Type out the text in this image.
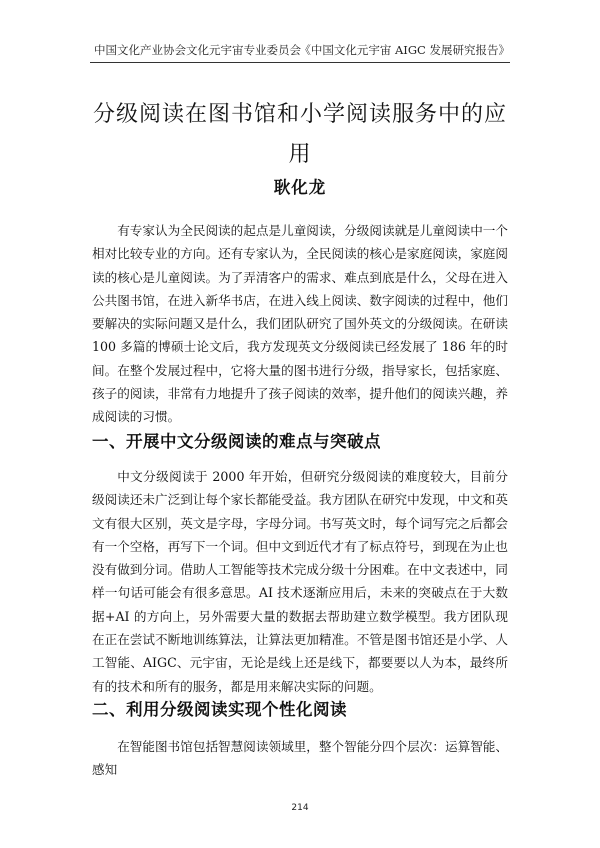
中国文化产业协会文化元宇宙专业委员会
《中国文化元宇宙 AIGC 发展研究报告》
分级阅读在图书馆和小学阅读服务中的应用
耿化龙

有专家认为全民阅读的起点是儿童阅读，分级阅读就是儿童阅读中一个相对比较专业的方向。还有专家认为，全民阅读的核心是家庭阅读，家庭阅读的核心是儿童阅读。为了弄清客户的需求、难点到底是什么，父母在进入公共图书馆，在进入新华书店，在进入线上阅读、数字阅读的过程中，他们要解决的实际问题又是什么，我们团队研究了国外英文的分级阅读。在研读 100 多篇的博硕士论文后，我方发现英文分级阅读已经发展了 186 年的时间。在整个发展过程中，它将大量的图书进行分级，指导家长，包括家庭、孩子的阅读，非常有力地提升了孩子阅读的效率，提升他们的阅读兴趣，养成阅读的习惯。

一、开展中文分级阅读的难点与突破点

中文分级阅读于 2000 年开始，但研究分级阅读的难度较大，目前分级阅读还未广泛到让每个家长都能受益。我方团队在研究中发现，中文和英文有很大区别，英文是字母，字母分词。书写英文时，每个词写完之后都会有一个空格，再写下一个词。但中文到近代才有了标点符号，到现在为止也没有做到分词。借助人工智能等技术完成分级十分困难。在中文表述中，同样一句话可能会有很多意思。AI 技术逐渐应用后，未来的突破点在于大数据+AI 的方向上，另外需要大量的数据去帮助建立数学模型。我方团队现在正在尝试不断地训练算法，让算法更加精准。不管是图书馆还是小学、人工智能、AIGC、元宇宙，无论是线上还是线下，都要要以人为本，最终所有的技术和所有的服务，都是用来解决实际的问题。

二、利用分级阅读实现个性化阅读

在智能图书馆包括智慧阅读领域里，整个智能分四个层次：运算智能、感知

214
